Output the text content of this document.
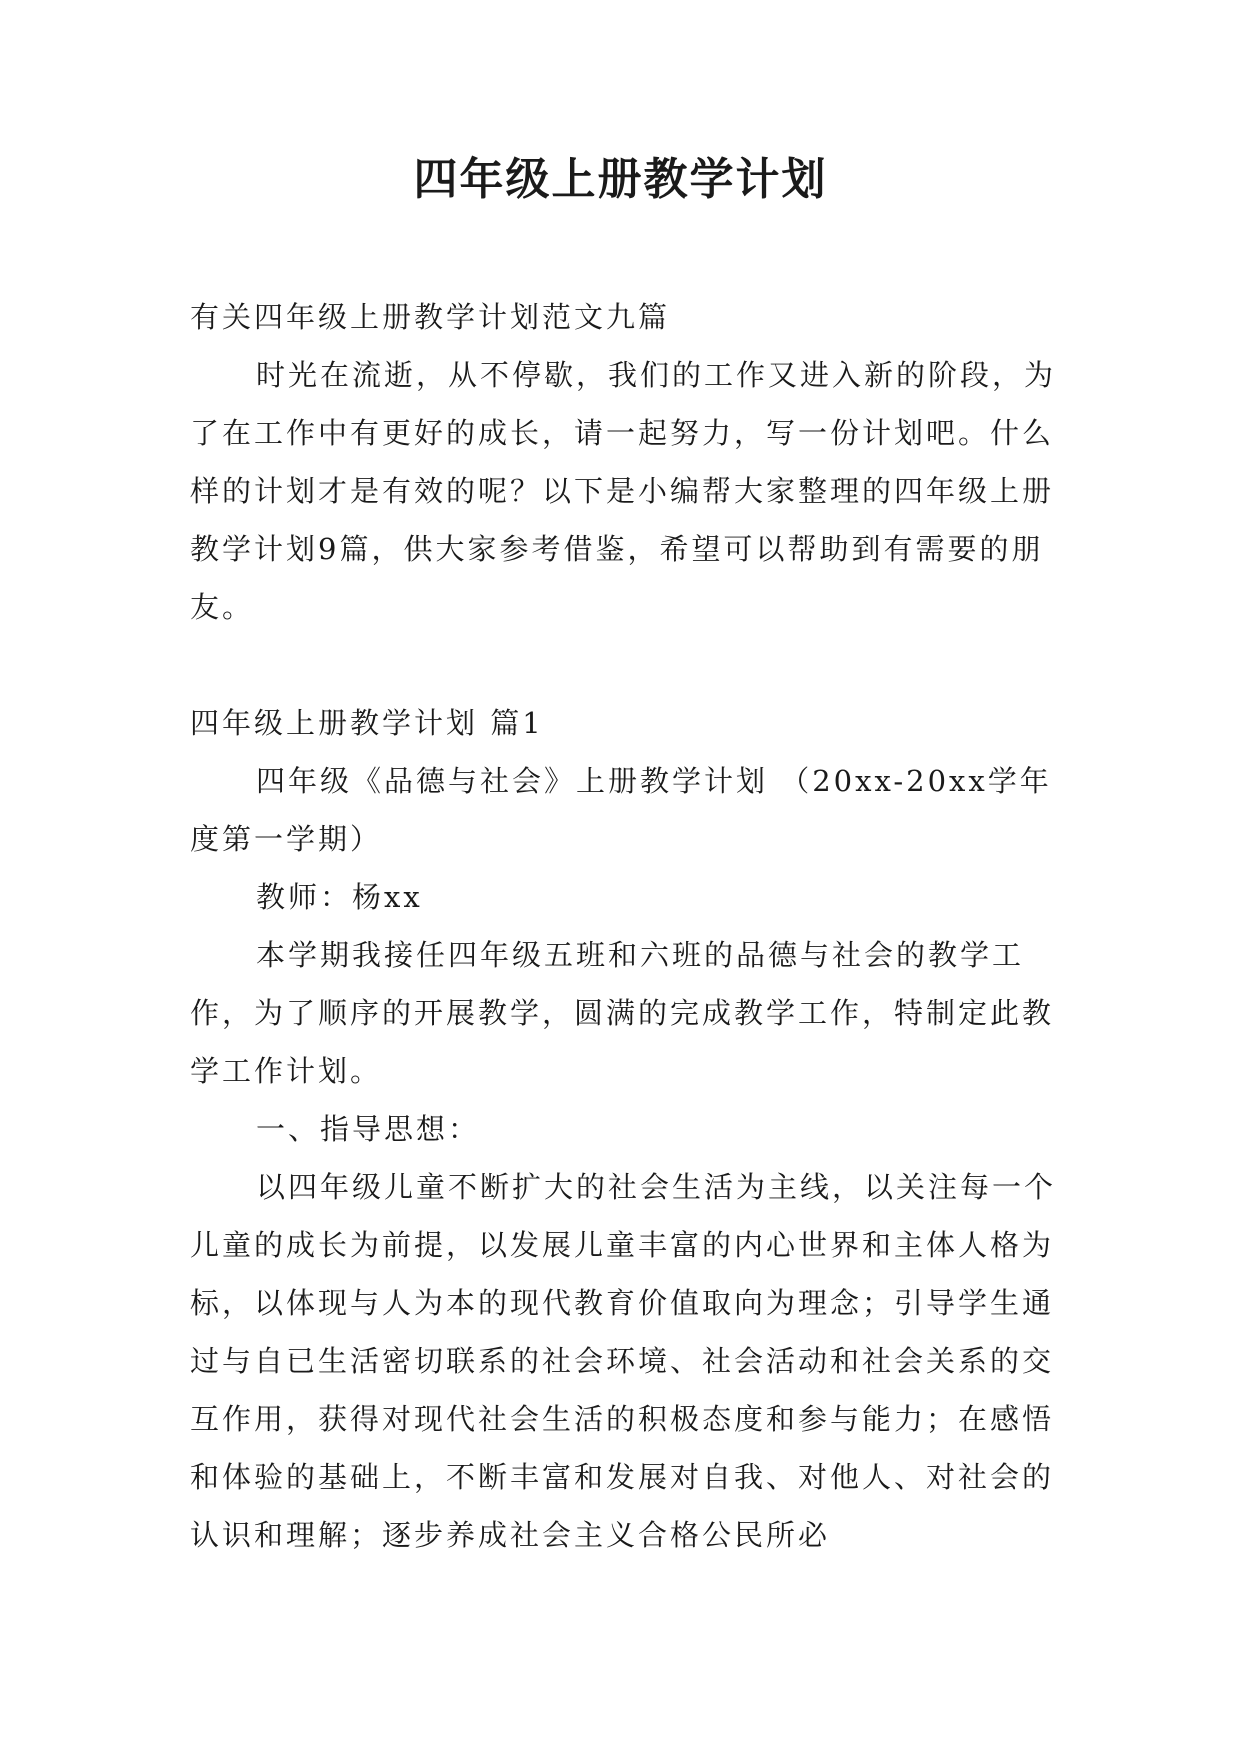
四年级上册教学计划

有关四年级上册教学计划范文九篇

时光在流逝，从不停歇，我们的工作又进入新的阶段，为了在工作中有更好的成长，请一起努力，写一份计划吧。什么样的计划才是有效的呢？以下是小编帮大家整理的四年级上册教学计划9篇，供大家参考借鉴，希望可以帮助到有需要的朋友。

四年级上册教学计划 篇1

四年级《品德与社会》上册教学计划 （20xx-20xx学年度第一学期）

教师：杨xx

本学期我接任四年级五班和六班的品德与社会的教学工作，为了顺序的开展教学，圆满的完成教学工作，特制定此教学工作计划。

一、指导思想：

以四年级儿童不断扩大的社会生活为主线，以关注每一个儿童的成长为前提，以发展儿童丰富的内心世界和主体人格为标，以体现与人为本的现代教育价值取向为理念；引导学生通过与自已生活密切联系的社会环境、社会活动和社会关系的交互作用，获得对现代社会生活的积极态度和参与能力；在感悟和体验的基础上，不断丰富和发展对自我、对他人、对社会的认识和理解；逐步养成社会主义合格公民所必
